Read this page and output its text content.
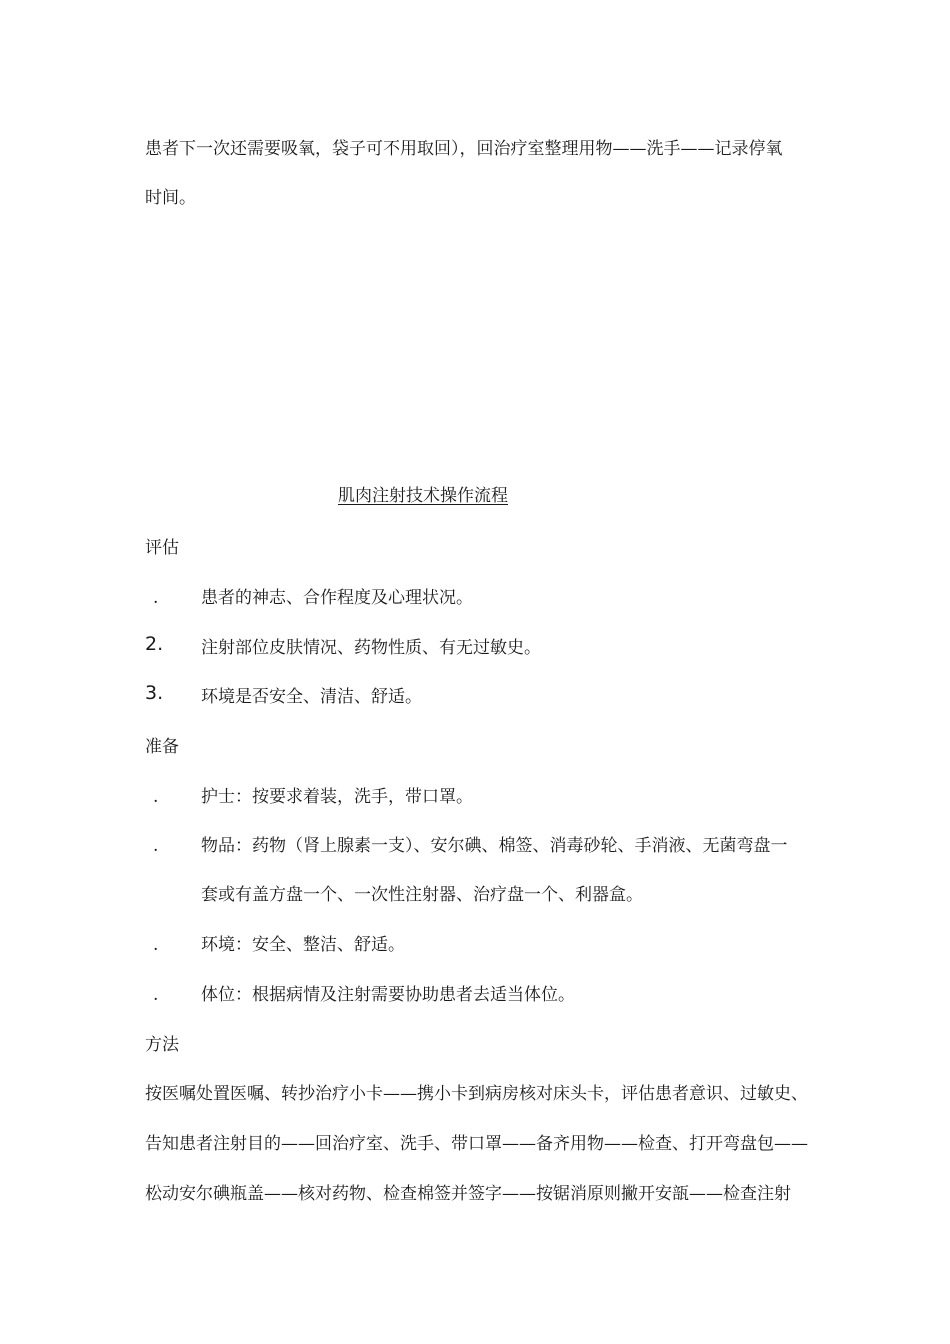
患者下一次还需要吸氧，袋子可不用取回），回治疗室整理用物——洗手——记录停氧
时间。
肌肉注射技术操作流程
评估
.	患者的神志、合作程度及心理状况。
2.	注射部位皮肤情况、药物性质、有无过敏史。
3.	环境是否安全、清洁、舒适。
准备
.	护士：按要求着装，洗手，带口罩。
.	物品：药物（肾上腺素一支）、安尔碘、棉签、消毒砂轮、手消液、无菌弯盘一
套或有盖方盘一个、一次性注射器、治疗盘一个、利器盒。
.	环境：安全、整洁、舒适。
.	体位：根据病情及注射需要协助患者去适当体位。
方法
按医嘱处置医嘱、转抄治疗小卡——携小卡到病房核对床头卡，评估患者意识、过敏史、
告知患者注射目的——回治疗室、洗手、带口罩——备齐用物——检查、打开弯盘包——
松动安尔碘瓶盖——核对药物、检查棉签并签字——按锯消原则撇开安瓿——检查注射
